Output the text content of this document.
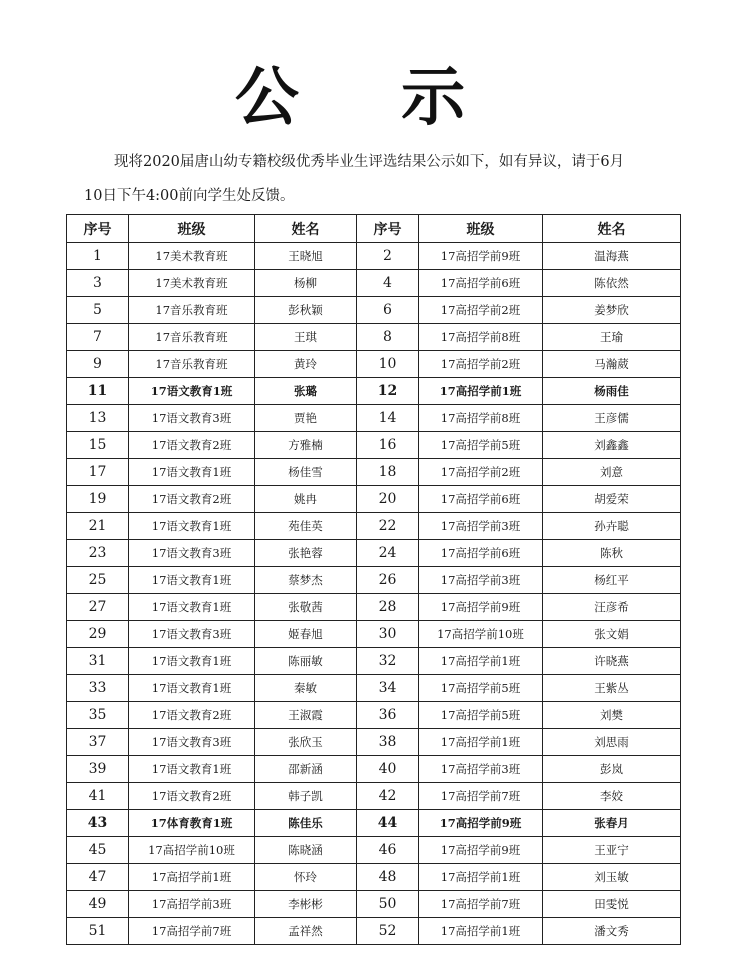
公 示
现将2020届唐山幼专籍校级优秀毕业生评选结果公示如下，如有异议，请于6月
10日下午4:00前向学生处反馈。
序号	班级	姓名	序号	班级	姓名
1	17美术教育班	王晓旭	2	17高招学前9班	温海燕
3	17美术教育班	杨柳	4	17高招学前6班	陈依然
5	17音乐教育班	彭秋颖	6	17高招学前2班	姜梦欣
7	17音乐教育班	王琪	8	17高招学前8班	王瑜
9	17音乐教育班	黄玲	10	17高招学前2班	马瀚葳
11	17语文教育1班	张璐	12	17高招学前1班	杨雨佳
13	17语文教育3班	贾艳	14	17高招学前8班	王彦儒
15	17语文教育2班	方雅楠	16	17高招学前5班	刘鑫鑫
17	17语文教育1班	杨佳雪	18	17高招学前2班	刘意
19	17语文教育2班	姚冉	20	17高招学前6班	胡爱荣
21	17语文教育1班	苑佳英	22	17高招学前3班	孙卉聪
23	17语文教育3班	张艳蓉	24	17高招学前6班	陈秋
25	17语文教育1班	蔡梦杰	26	17高招学前3班	杨红平
27	17语文教育1班	张敬茜	28	17高招学前9班	汪彦希
29	17语文教育3班	姬春旭	30	17高招学前10班	张文娟
31	17语文教育1班	陈丽敏	32	17高招学前1班	许晓燕
33	17语文教育1班	秦敏	34	17高招学前5班	王紫丛
35	17语文教育2班	王淑霞	36	17高招学前5班	刘樊
37	17语文教育3班	张欣玉	38	17高招学前1班	刘思雨
39	17语文教育1班	邵新涵	40	17高招学前3班	彭岚
41	17语文教育2班	韩子凯	42	17高招学前7班	李姣
43	17体育教育1班	陈佳乐	44	17高招学前9班	张春月
45	17高招学前10班	陈晓涵	46	17高招学前9班	王亚宁
47	17高招学前1班	怀玲	48	17高招学前1班	刘玉敏
49	17高招学前3班	李彬彬	50	17高招学前7班	田雯悦
51	17高招学前7班	孟祥然	52	17高招学前1班	潘文秀
